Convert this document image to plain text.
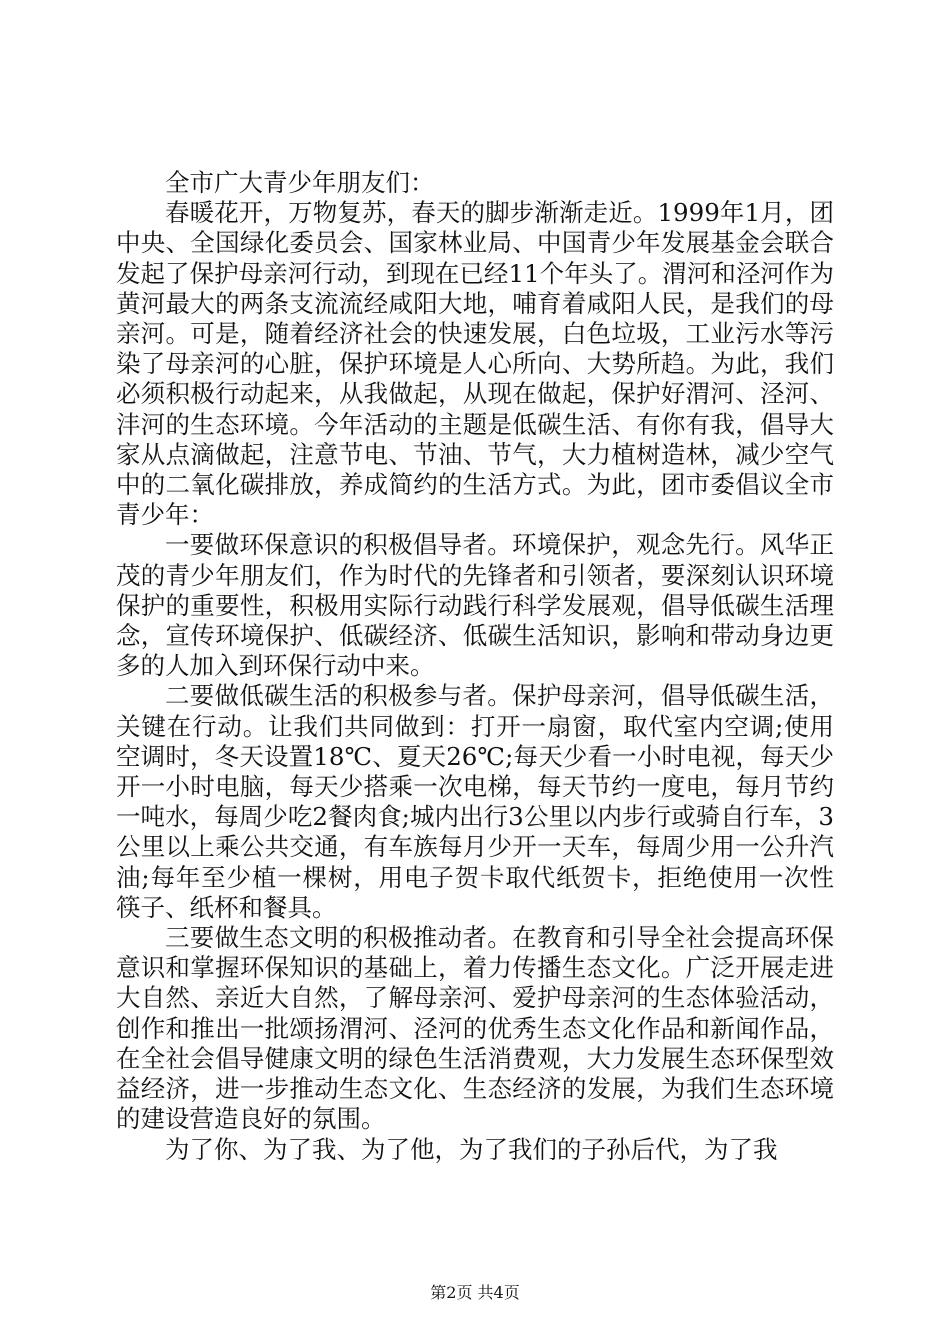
全市广大青少年朋友们：

春暖花开，万物复苏，春天的脚步渐渐走近。1999年1月，团中央、全国绿化委员会、国家林业局、中国青少年发展基金会联合发起了保护母亲河行动，到现在已经11个年头了。渭河和泾河作为黄河最大的两条支流流经咸阳大地，哺育着咸阳人民，是我们的母亲河。可是，随着经济社会的快速发展，白色垃圾，工业污水等污染了母亲河的心脏，保护环境是人心所向、大势所趋。为此，我们必须积极行动起来，从我做起，从现在做起，保护好渭河、泾河、沣河的生态环境。今年活动的主题是低碳生活、有你有我，倡导大家从点滴做起，注意节电、节油、节气，大力植树造林，减少空气中的二氧化碳排放，养成简约的生活方式。为此，团市委倡议全市青少年：

一要做环保意识的积极倡导者。环境保护，观念先行。风华正茂的青少年朋友们，作为时代的先锋者和引领者，要深刻认识环境保护的重要性，积极用实际行动践行科学发展观，倡导低碳生活理念，宣传环境保护、低碳经济、低碳生活知识，影响和带动身边更多的人加入到环保行动中来。

二要做低碳生活的积极参与者。保护母亲河，倡导低碳生活，关键在行动。让我们共同做到：打开一扇窗，取代室内空调;使用空调时，冬天设置18℃、夏天26℃;每天少看一小时电视，每天少开一小时电脑，每天少搭乘一次电梯，每天节约一度电，每月节约一吨水，每周少吃2餐肉食;城内出行3公里以内步行或骑自行车，3公里以上乘公共交通，有车族每月少开一天车，每周少用一公升汽油;每年至少植一棵树，用电子贺卡取代纸贺卡，拒绝使用一次性筷子、纸杯和餐具。

三要做生态文明的积极推动者。在教育和引导全社会提高环保意识和掌握环保知识的基础上，着力传播生态文化。广泛开展走进大自然、亲近大自然，了解母亲河、爱护母亲河的生态体验活动，创作和推出一批颂扬渭河、泾河的优秀生态文化作品和新闻作品，在全社会倡导健康文明的绿色生活消费观，大力发展生态环保型效益经济，进一步推动生态文化、生态经济的发展，为我们生态环境的建设营造良好的氛围。

为了你、为了我、为了他，为了我们的子孙后代，为了我

第2页 共4页
